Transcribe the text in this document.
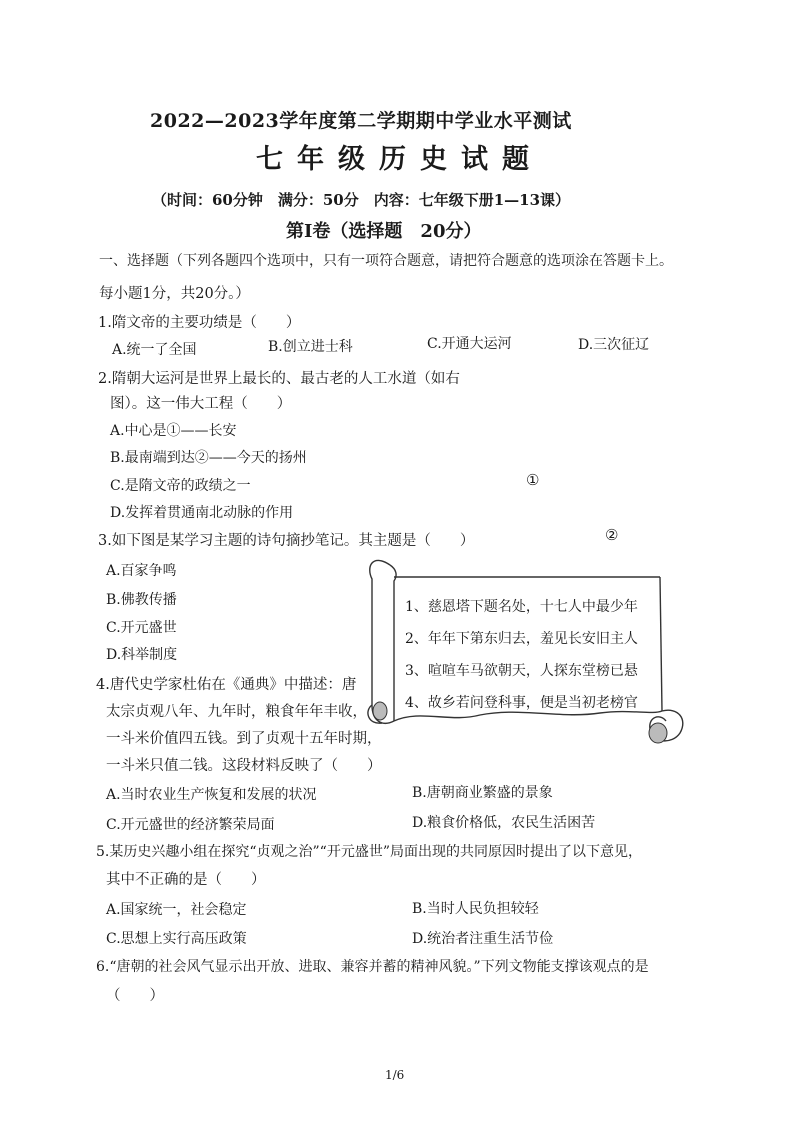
2022—2023学年度第二学期期中学业水平测试
七年级历史试题
（时间：60分钟　满分：50分　内容：七年级下册1—13课）
第Ⅰ卷（选择题　20分）
一、选择题（下列各题四个选项中，只有一项符合题意，请把符合题意的选项涂在答题卡上。
每小题1分，共20分。）
1.隋文帝的主要功绩是（　　）
A.统一了全国	B.创立进士科	C.开通大运河	D.三次征辽
2.隋朝大运河是世界上最长的、最古老的人工水道（如右
图）。这一伟大工程（　　）
A.中心是①——长安
B.最南端到达②——今天的扬州
C.是隋文帝的政绩之一
D.发挥着贯通南北动脉的作用
①
②
3.如下图是某学习主题的诗句摘抄笔记。其主题是（　　）
A.百家争鸣
B.佛教传播
C.开元盛世
D.科举制度
1、慈恩塔下题名处，十七人中最少年
2、年年下第东归去，羞见长安旧主人
3、喧喧车马欲朝天，人探东堂榜已悬
4、故乡若问登科事，便是当初老榜官
4.唐代史学家杜佑在《通典》中描述：唐
太宗贞观八年、九年时，粮食年年丰收，
一斗米价值四五钱。到了贞观十五年时期，
一斗米只值二钱。这段材料反映了（　　）
A.当时农业生产恢复和发展的状况	B.唐朝商业繁盛的景象
C.开元盛世的经济繁荣局面	D.粮食价格低，农民生活困苦
5.某历史兴趣小组在探究“贞观之治”“开元盛世”局面出现的共同原因时提出了以下意见，
其中不正确的是（　　）
A.国家统一，社会稳定	B.当时人民负担较轻
C.思想上实行高压政策	D.统治者注重生活节俭
6.“唐朝的社会风气显示出开放、进取、兼容并蓄的精神风貌。”下列文物能支撑该观点的是
（　　）
1/6
